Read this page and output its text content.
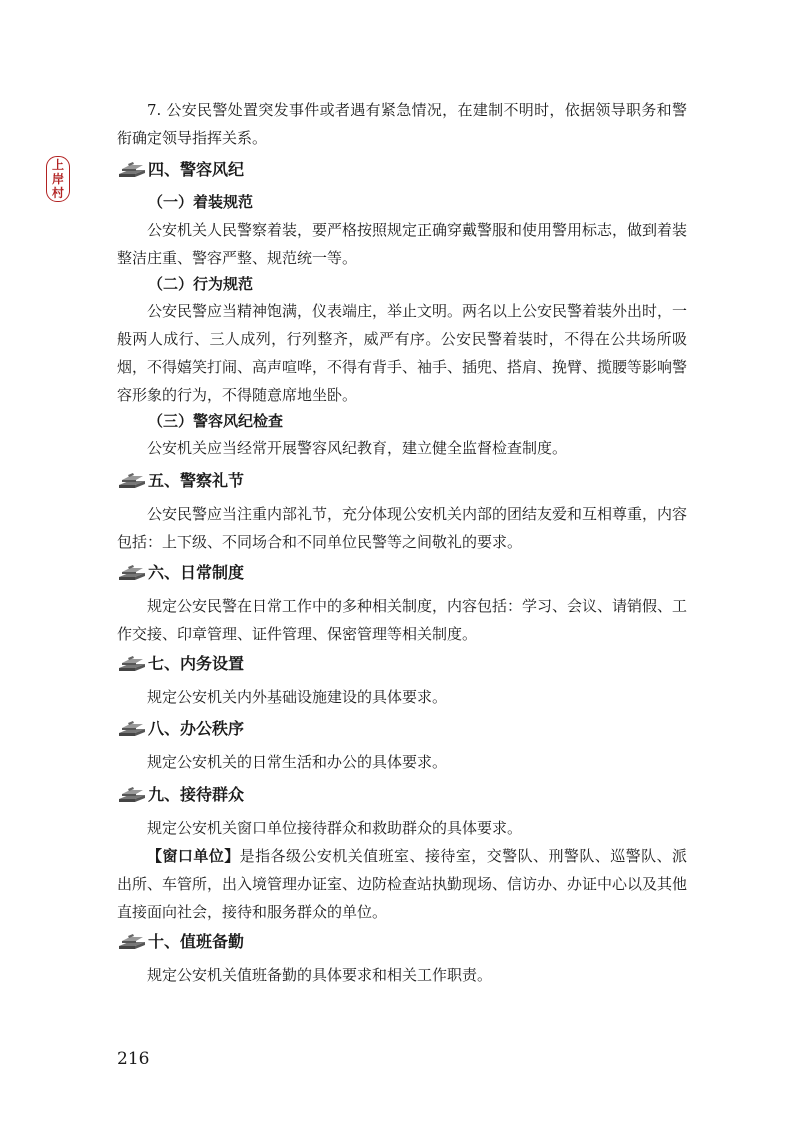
上
岸
村

7. 公安民警处置突发事件或者遇有紧急情况，在建制不明时，依据领导职务和警衔确定领导指挥关系。

四、警容风纪

（一）着装规范

公安机关人民警察着装，要严格按照规定正确穿戴警服和使用警用标志，做到着装整洁庄重、警容严整、规范统一等。

（二）行为规范

公安民警应当精神饱满，仪表端庄，举止文明。两名以上公安民警着装外出时，一般两人成行、三人成列，行列整齐，威严有序。公安民警着装时，不得在公共场所吸烟，不得嬉笑打闹、高声喧哗，不得有背手、袖手、插兜、搭肩、挽臂、揽腰等影响警容形象的行为，不得随意席地坐卧。

（三）警容风纪检查

公安机关应当经常开展警容风纪教育，建立健全监督检查制度。

五、警察礼节

公安民警应当注重内部礼节，充分体现公安机关内部的团结友爱和互相尊重，内容包括：上下级、不同场合和不同单位民警等之间敬礼的要求。

六、日常制度

规定公安民警在日常工作中的多种相关制度，内容包括：学习、会议、请销假、工作交接、印章管理、证件管理、保密管理等相关制度。

七、内务设置

规定公安机关内外基础设施建设的具体要求。

八、办公秩序

规定公安机关的日常生活和办公的具体要求。

九、接待群众

规定公安机关窗口单位接待群众和救助群众的具体要求。

【窗口单位】是指各级公安机关值班室、接待室，交警队、刑警队、巡警队、派出所、车管所，出入境管理办证室、边防检查站执勤现场、信访办、办证中心以及其他直接面向社会，接待和服务群众的单位。

十、值班备勤

规定公安机关值班备勤的具体要求和相关工作职责。

216
